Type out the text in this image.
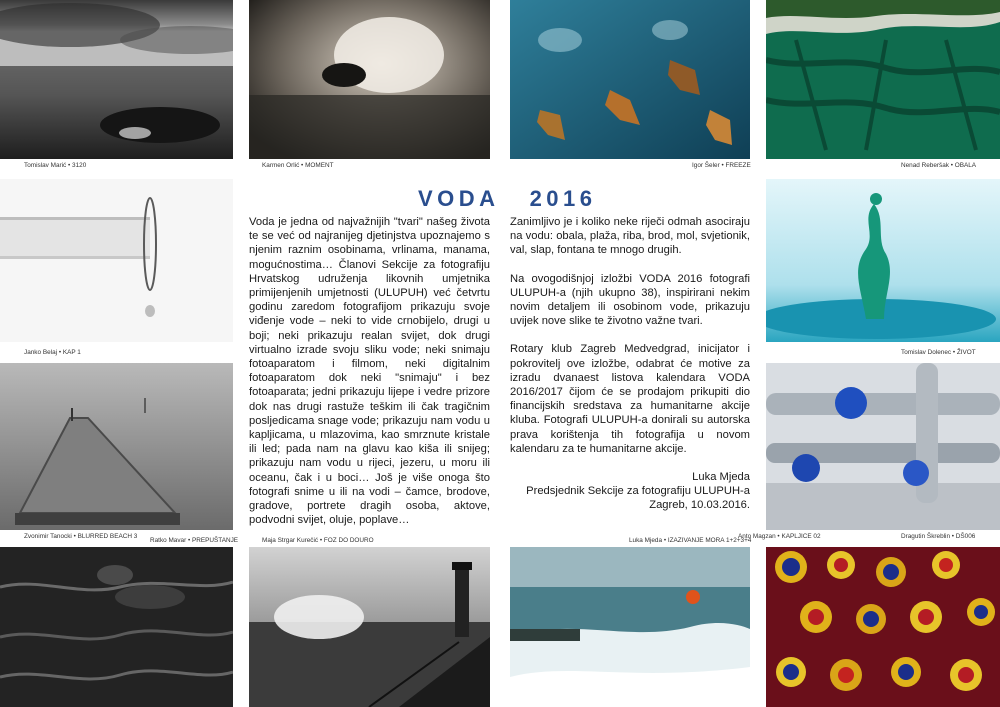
Tomislav Marić • 3120	Karmen Orlić • MOMENT	Igor Šeler • FREEZE	Nenad Reberšak • OBALA
Janko Belaj • KAP 1	Tomislav Dolenec • ŽIVOT
Zvonimir Tanocki • BLURRED BEACH 3
Ratko Mavar • PREPUŠTANJE
Anto Magzan • KAPLJICE 02	Dragutin Škreblin • DŠ006
Maja Strgar Kurečić • FOZ DO DOURO	Luka Mjeda • IZAZIVANJE MORA 1+2+3+4
VODA 2016

Voda je jedna od najvažnijih "tvari" našeg života te se već od najranijeg djetinjstva upoznajemo s njenim raznim osobinama, vrlinama, manama, mogućnostima… Članovi Sekcije za fotografiju Hrvatskog udruženja likovnih umjetnika primijenjenih umjetnosti (ULUPUH) već četvrtu godinu zaredom fotografijom prikazuju svoje viđenje vode – neki to vide crnobijelo, drugi u boji; neki prikazuju realan svijet, dok drugi virtualno izrade svoju sliku vode; neki snimaju fotoaparatom i filmom, neki digitalnim fotoaparatom dok neki "snimaju" i bez fotoaparata; jedni prikazuju lijepe i vedre prizore dok nas drugi rastuže teškim ili čak tragičnim posljedicama snage vode; prikazuju nam vodu u kapljicama, u mlazovima, kao smrznute kristale ili led; pada nam na glavu kao kiša ili snijeg; prikazuju nam vodu u rijeci, jezeru, u moru ili oceanu, čak i u boci… Još je više onoga što fotografi snime u ili na vodi – čamce, brodove, gradove, portrete dragih osoba, aktove, podvodni svijet, oluje, poplave…

Zanimljivo je i koliko neke riječi odmah asociraju na vodu: obala, plaža, riba, brod, mol, svjetionik, val, slap, fontana te mnogo drugih.

Na ovogodišnjoj izložbi VODA 2016 fotografi ULUPUH-a (njih ukupno 38), inspirirani nekim novim detaljem ili osobinom vode, prikazuju uvijek nove slike te životno važne tvari.

Rotary klub Zagreb Medvedgrad, inicijator i pokrovitelj ove izložbe, odabrat će motive za izradu dvanaest listova kalendara VODA 2016/2017 čijom će se prodajom prikupiti dio financijskih sredstava za humanitarne akcije kluba. Fotografi ULUPUH-a donirali su autorska prava korištenja tih fotografija u novom kalendaru za te humanitarne akcije.

Luka Mjeda
Predsjednik Sekcije za fotografiju ULUPUH-a
Zagreb, 10.03.2016.
